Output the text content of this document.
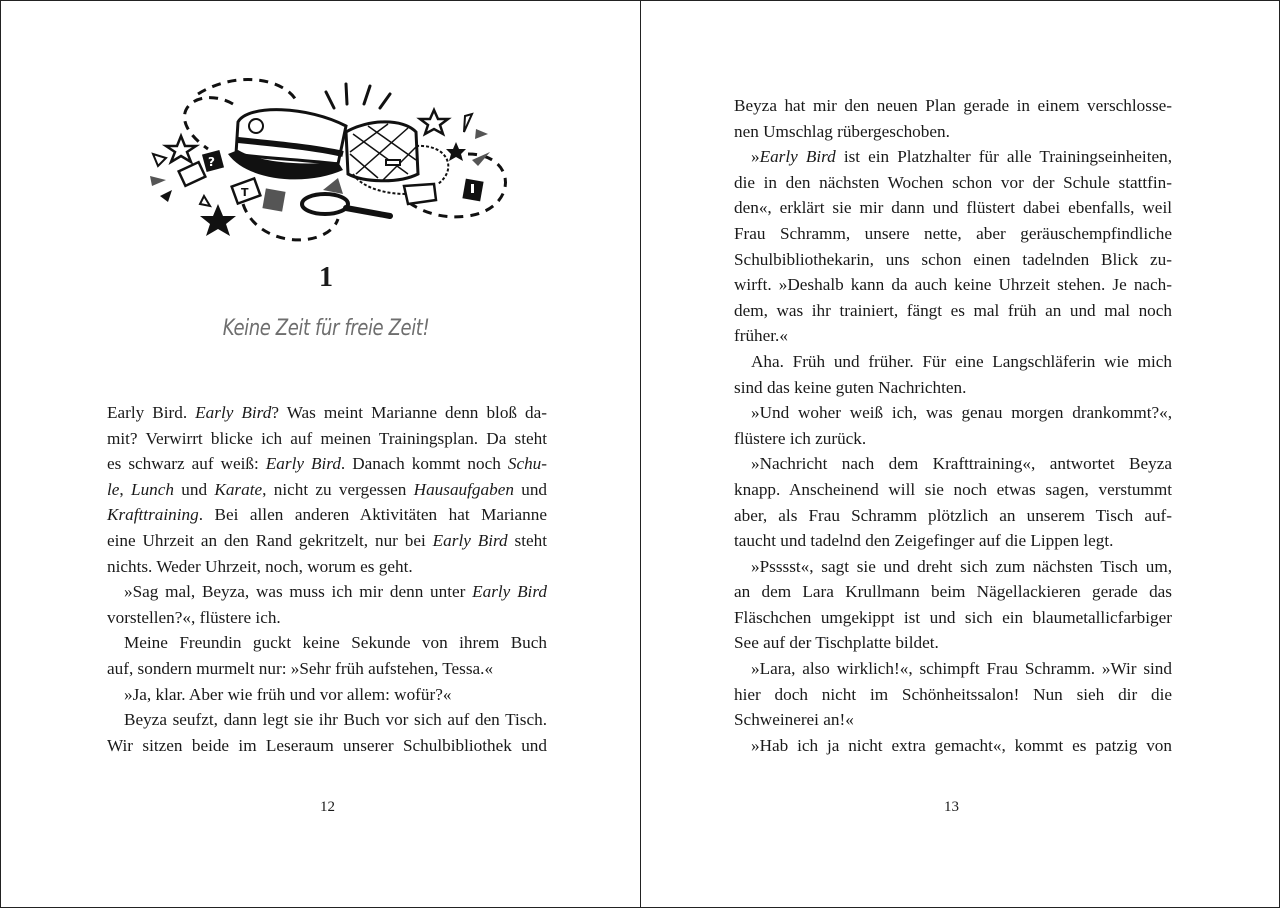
?
T
1
Keine Zeit für freie Zeit!
Early Bird. Early Bird? Was meint Marianne denn bloß da-
mit? Verwirrt blicke ich auf meinen Trainingsplan. Da steht
es schwarz auf weiß: Early Bird. Danach kommt noch Schu-
le, Lunch und Karate, nicht zu vergessen Hausaufgaben und
Krafttraining. Bei allen anderen Aktivitäten hat Marianne
eine Uhrzeit an den Rand gekritzelt, nur bei Early Bird steht
nichts. Weder Uhrzeit, noch, worum es geht.
»Sag mal, Beyza, was muss ich mir denn unter Early Bird
vorstellen?«, flüstere ich.
Meine Freundin guckt keine Sekunde von ihrem Buch
auf, sondern murmelt nur: »Sehr früh aufstehen, Tessa.«
»Ja, klar. Aber wie früh und vor allem: wofür?«
Beyza seufzt, dann legt sie ihr Buch vor sich auf den Tisch.
Wir sitzen beide im Leseraum unserer Schulbibliothek und
12
Beyza hat mir den neuen Plan gerade in einem verschlosse-
nen Umschlag rübergeschoben.
»Early Bird ist ein Platzhalter für alle Trainingseinheiten,
die in den nächsten Wochen schon vor der Schule stattfin-
den«, erklärt sie mir dann und flüstert dabei ebenfalls, weil
Frau Schramm, unsere nette, aber geräuschempfindliche
Schulbibliothekarin, uns schon einen tadelnden Blick zu-
wirft. »Deshalb kann da auch keine Uhrzeit stehen. Je nach-
dem, was ihr trainiert, fängt es mal früh an und mal noch
früher.«
Aha. Früh und früher. Für eine Langschläferin wie mich
sind das keine guten Nachrichten.
»Und woher weiß ich, was genau morgen drankommt?«,
flüstere ich zurück.
»Nachricht nach dem Krafttraining«, antwortet Beyza
knapp. Anscheinend will sie noch etwas sagen, verstummt
aber, als Frau Schramm plötzlich an unserem Tisch auf-
taucht und tadelnd den Zeigefinger auf die Lippen legt.
»Psssst«, sagt sie und dreht sich zum nächsten Tisch um,
an dem Lara Krullmann beim Nägellackieren gerade das
Fläschchen umgekippt ist und sich ein blaumetallicfarbiger
See auf der Tischplatte bildet.
»Lara, also wirklich!«, schimpft Frau Schramm. »Wir sind
hier doch nicht im Schönheitssalon! Nun sieh dir die
Schweinerei an!«
»Hab ich ja nicht extra gemacht«, kommt es patzig von
13
